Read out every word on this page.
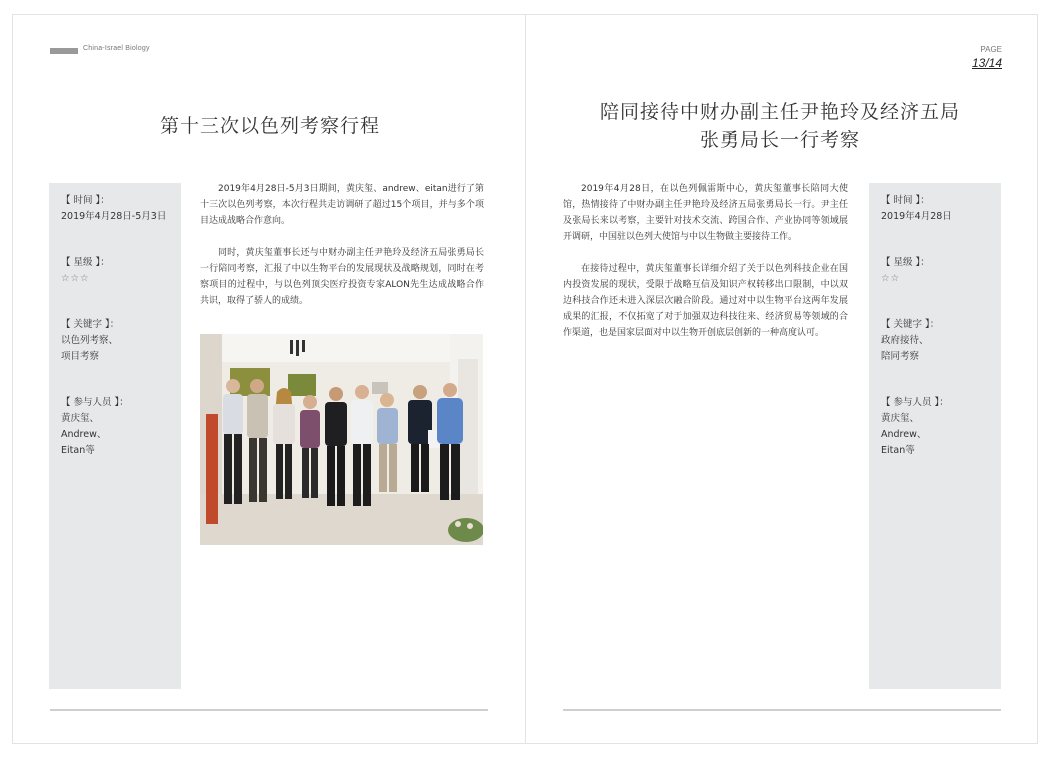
China-Israel Biology	PAGE
13/14
第十三次以色列考察行程
【 时间 】：
2019年4月28日-5月3日
【 星级 】：
☆☆☆
【 关键字 】：
以色列考察、
项目考察
【 参与人员 】：
黄庆玺、
Andrew、
Eitan等

2019年4月28日-5月3日期间，黄庆玺、andrew、eitan进行了第十三次以色列考察，本次行程共走访调研了超过15个项目，并与多个项目达成战略合作意向。

同时，黄庆玺董事长还与中财办副主任尹艳玲及经济五局张勇局长一行陪同考察，汇报了中以生物平台的发展现状及战略规划，同时在考察项目的过程中，与以色列顶尖医疗投资专家ALON先生达成战略合作共识，取得了骄人的成绩。

陪同接待中财办副主任尹艳玲及经济五局
张勇局长一行考察

2019年4月28日，在以色列佩雷斯中心，黄庆玺董事长陪同大使馆，热情接待了中财办副主任尹艳玲及经济五局张勇局长一行。尹主任及张局长来以考察，主要针对技术交流、跨国合作、产业协同等领域展开调研，中国驻以色列大使馆与中以生物做主要接待工作。

在接待过程中，黄庆玺董事长详细介绍了关于以色列科技企业在国内投资发展的现状，受限于战略互信及知识产权转移出口限制，中以双边科技合作还未进入深层次融合阶段。通过对中以生物平台这两年发展成果的汇报，不仅拓宽了对于加强双边科技往来、经济贸易等领域的合作渠道，也是国家层面对中以生物开创底层创新的一种高度认可。

【 时间 】：
2019年4月28日
【 星级 】：
☆☆
【 关键字 】：
政府接待、
陪同考察
【 参与人员 】：
黄庆玺、
Andrew、
Eitan等
